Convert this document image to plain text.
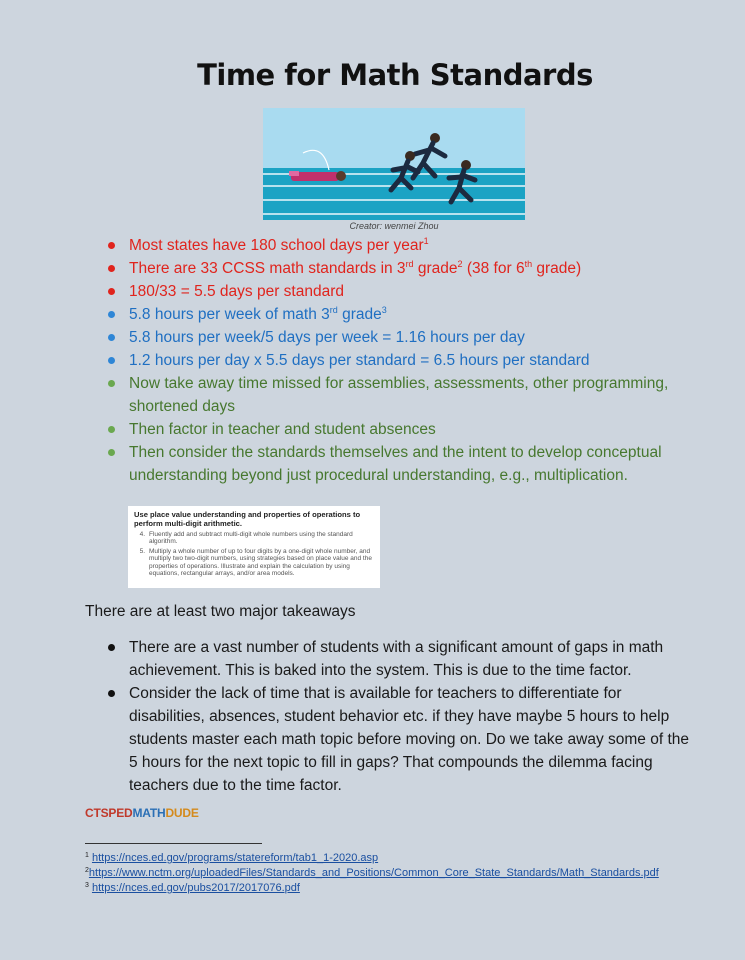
Time for Math Standards
Creator: wenmei Zhou
Most states have 180 school days per year$^1$
There are 33 CCSS math standards in 3rd grade$^2$ (38 for 6th grade)
180/33 = 5.5 days per standard
5.8 hours per week of math 3rd grade$^3$
5.8 hours per week/5 days per week = 1.16 hours per day
1.2 hours per day x 5.5 days per standard = 6.5 hours per standard
Now take away time missed for assemblies, assessments, other programming,
shortened days
Then factor in teacher and student absences
Then consider the standards themselves and the intent to develop conceptual
understanding beyond just procedural understanding, e.g., multiplication.
Use place value understanding and properties of operations to perform multi-digit arithmetic.
4. Fluently add and subtract multi-digit whole numbers using the standard algorithm.
5. Multiply a whole number of up to four digits by a one-digit whole number, and multiply two two-digit numbers, using strategies based on place value and the properties of operations. Illustrate and explain the calculation by using equations, rectangular arrays, and/or area models.
There are at least two major takeaways
There are a vast number of students with a significant amount of gaps in math
achievement. This is baked into the system. This is due to the time factor.
Consider the lack of time that is available for teachers to differentiate for
disabilities, absences, student behavior etc. if they have maybe 5 hours to help
students master each math topic before moving on. Do we take away some of the
5 hours for the next topic to fill in gaps? That compounds the dilemma facing
teachers due to the time factor.
CTSPEDMATHDUDE
$^1$ https://nces.ed.gov/programs/statereform/tab1_1-2020.asp
$^2$https://www.nctm.org/uploadedFiles/Standards_and_Positions/Common_Core_State_Standards/Math_Standards.pdf
$^3$ https://nces.ed.gov/pubs2017/2017076.pdf
